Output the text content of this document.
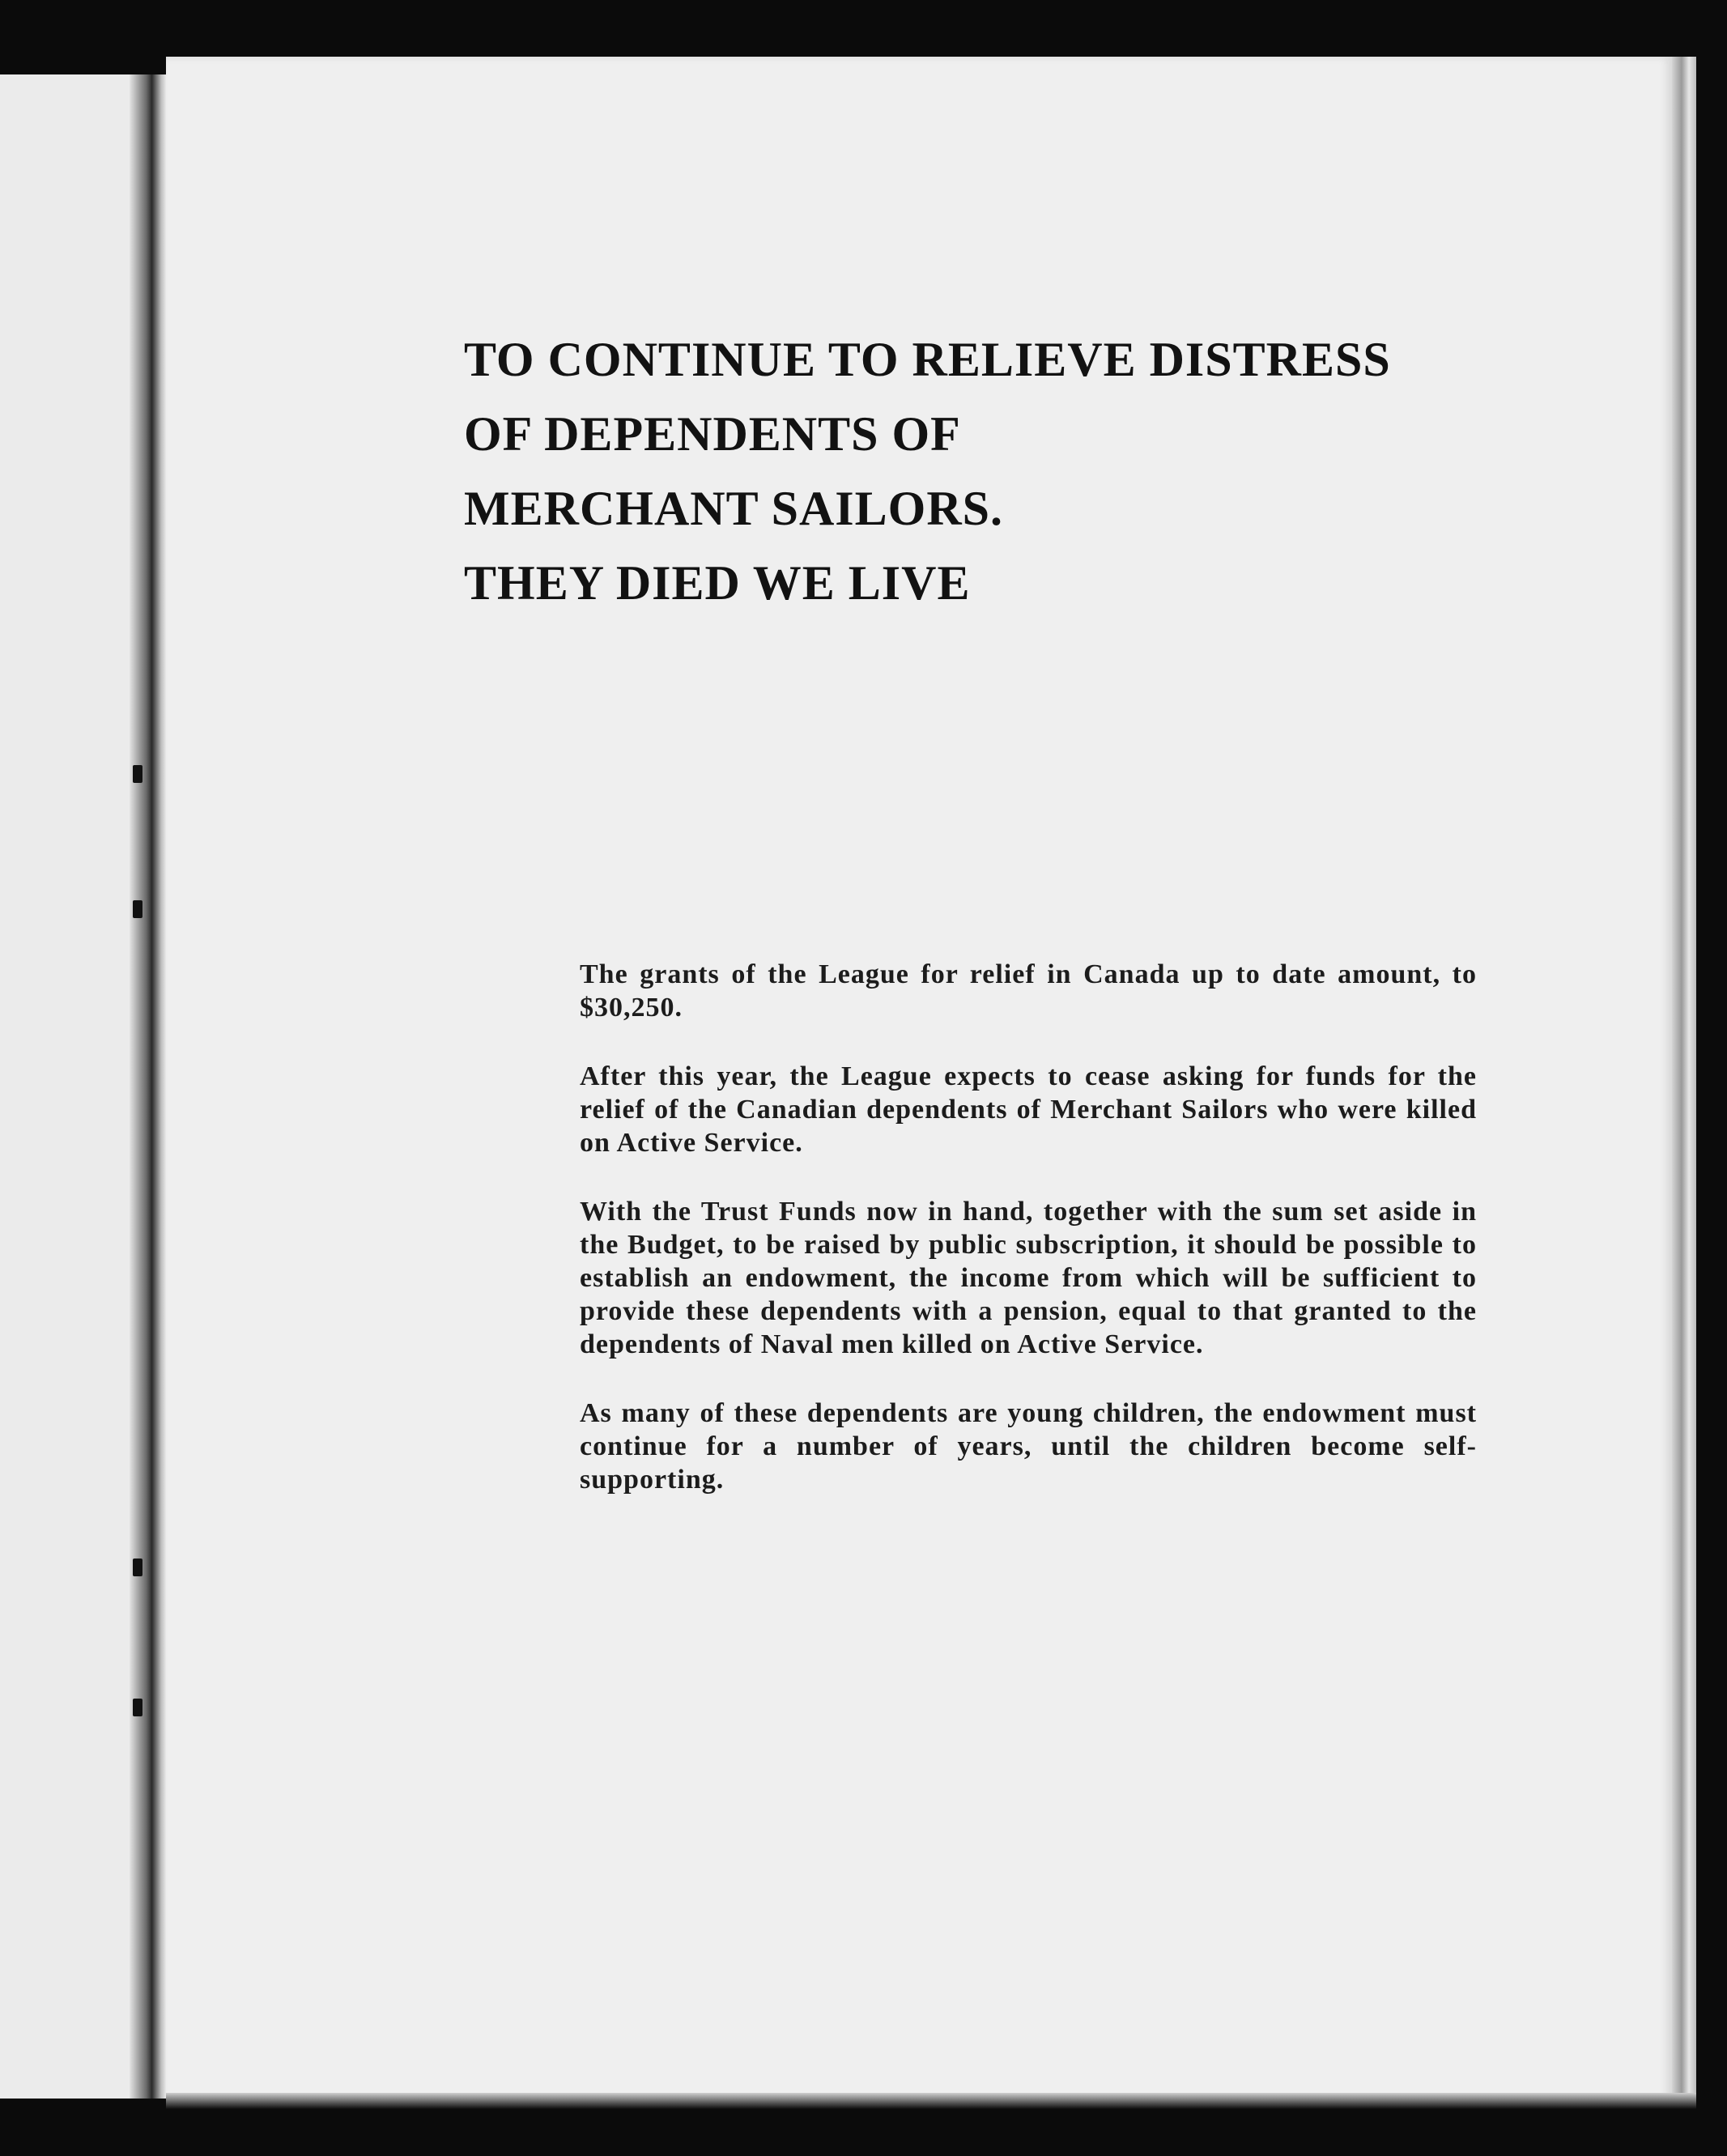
TO CONTINUE TO RELIEVE DISTRESS
OF DEPENDENTS OF
MERCHANT SAILORS.
THEY DIED WE LIVE

The grants of the League for relief in Canada up to date amount, to $30,250.

After this year, the League expects to cease asking for funds for the relief of the Canadian dependents of Merchant Sailors who were killed on Active Service.

With the Trust Funds now in hand, together with the sum set aside in the Budget, to be raised by public subscription, it should be possible to establish an endowment, the income from which will be sufficient to provide these dependents with a pension, equal to that granted to the dependents of Naval men killed on Active Service.

As many of these dependents are young children, the endowment must continue for a number of years, until the children become self-supporting.
